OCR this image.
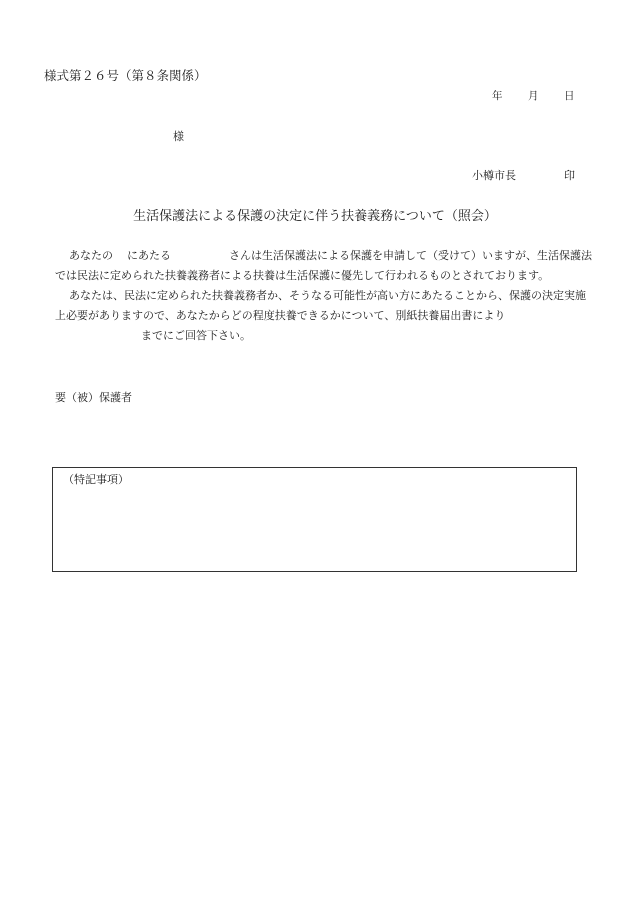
様式第２６号（第８条関係）
年	月	日
様
小樽市長	印
生活保護法による保護の決定に伴う扶養義務について（照会）

あなたの にあたる	さんは生活保護法による保護を申請して（受けて）いますが、生活保護法では民法に定められた扶養義務者による扶養は生活保護に優先して行われるものとされております。

あなたは、民法に定められた扶養義務者か、そうなる可能性が高い方にあたることから、保護の決定実施上必要がありますので、あなたからどの程度扶養できるかについて、別紙扶養届出書により
までにご回答下さい。

要（被）保護者
（特記事項）
